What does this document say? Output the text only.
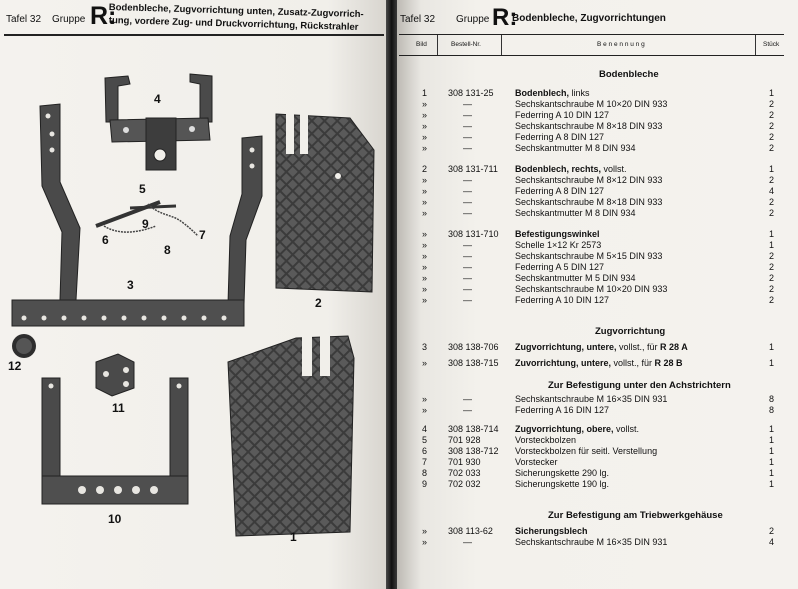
Tafel 32 Gruppe R:
Bodenbleche, Zugvorrichtung unten, Zusatz-Zugvorrich-
tung, vordere Zug- und Druckvorrichtung, Rückstrahler
4
5
9
6
8
7
3
2
12
11
10
1
Tafel 32 Gruppe R:
Bodenbleche, Zugvorrichtungen
Bild	Bestell-Nr.	B e n e n n u n g	Stück
Bodenbleche
Zugvorrichtung
Zur Befestigung unter den Achstrichtern
Zur Befestigung am Triebwerkgehäuse
1 308 131-25 Bodenblech, links	1
»	—	Sechskantschraube M 10×20 DIN 933	2
»	—	Federring A 10 DIN 127	2
»	—	Sechskantschraube M 8×18 DIN 933	2
»	—	Federring A 8 DIN 127	2
»	—	Sechskantmutter M 8 DIN 934	2
2 308 131-711 Bodenblech, rechts, vollst.	1
»	—	Sechskantschraube M 8×12 DIN 933	2
»	—	Federring A 8 DIN 127	4
»	—	Sechskantschraube M 8×18 DIN 933	2
»	—	Sechskantmutter M 8 DIN 934	2
» 308 131-710 Befestigungswinkel	1
»	—	Schelle 1×12 Kr 2573	1
»	—	Sechskantschraube M 5×15 DIN 933	2
»	—	Federring A 5 DIN 127	2
»	—	Sechskantmutter M 5 DIN 934	2
»	—	Sechskantschraube M 10×20 DIN 933	2
»	—	Federring A 10 DIN 127	2
3 308 138-706 Zugvorrichtung, untere, vollst., für R 28 A	1
» 308 138-715 Zuvorrichtung, untere, vollst., für R 28 B	1
»	—	Sechskantschraube M 16×35 DIN 931	8
»	—	Federring A 16 DIN 127	8
4 308 138-714 Zugvorrichtung, obere, vollst.	1
5 701 928	Vorsteckbolzen	1
6 308 138-712 Vorsteckbolzen für seitl. Verstellung	1
7 701 930	Vorstecker	1
8 702 033	Sicherungskette 290 lg.	1
9 702 032	Sicherungskette 190 lg.	1
» 308 113-62 Sicherungsblech	2
»	—	Sechskantschraube M 16×35 DIN 931	4
